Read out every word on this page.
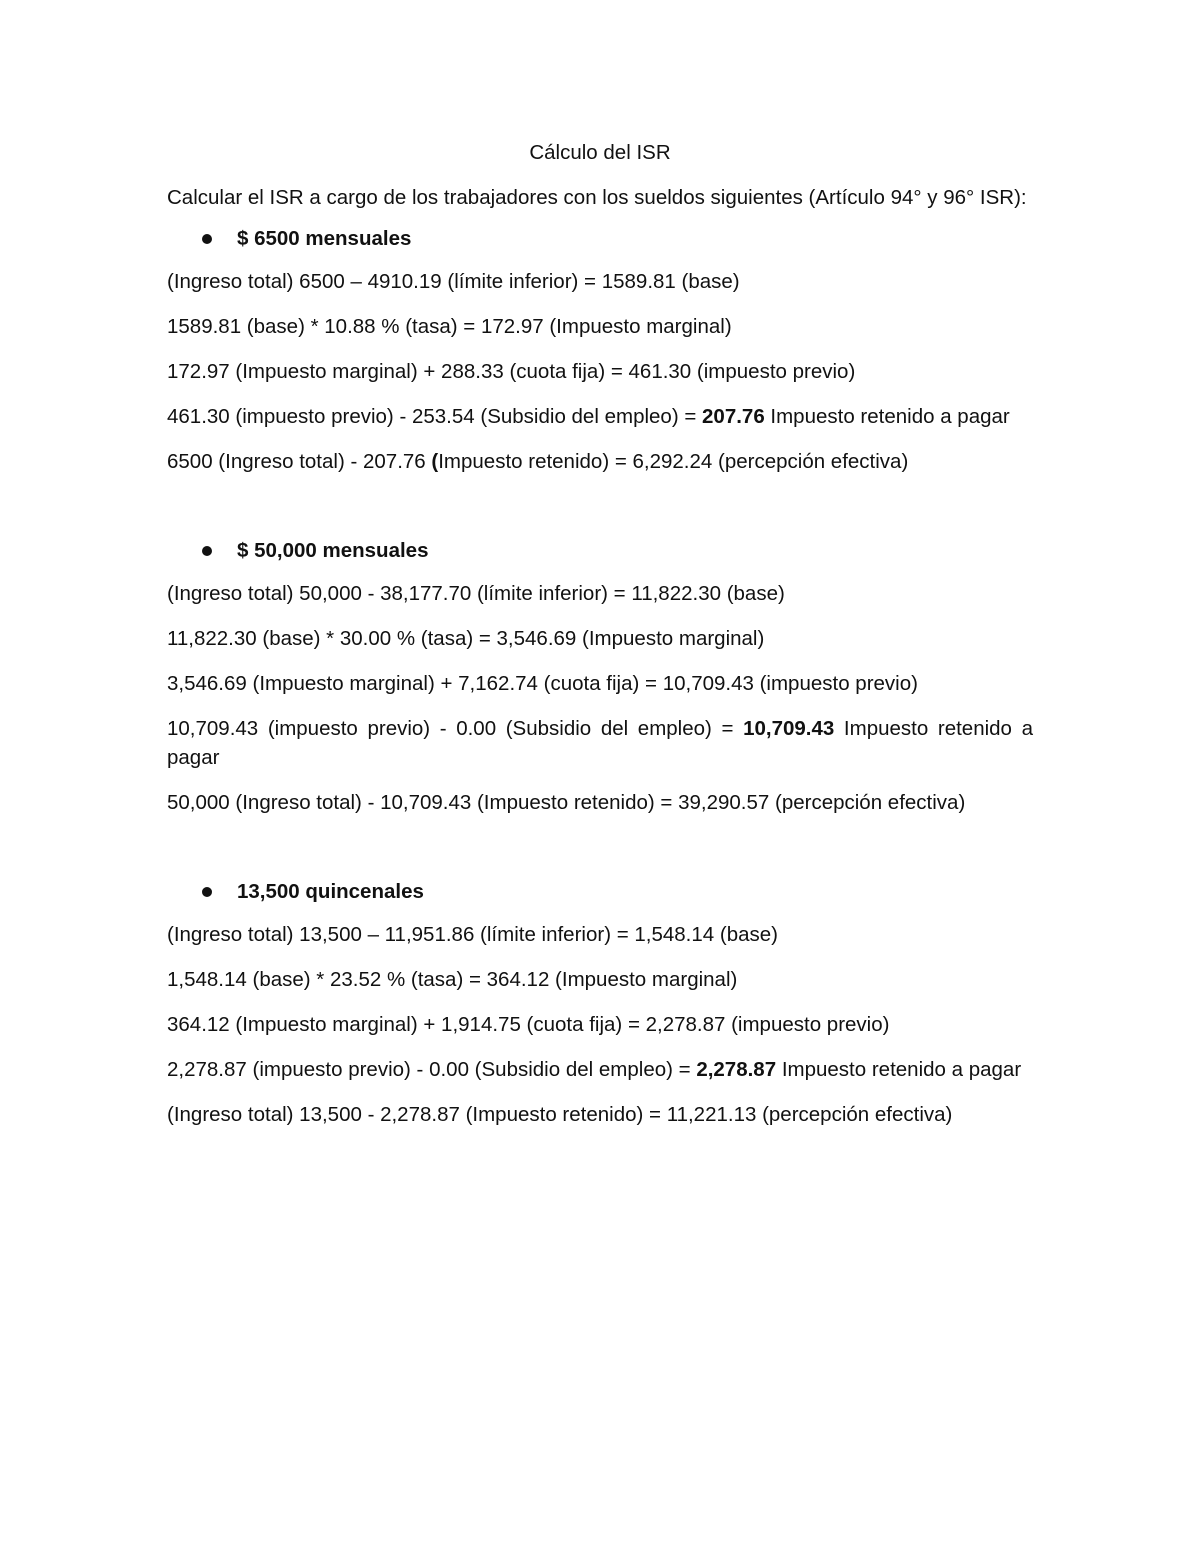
Cálculo del ISR
Calcular el ISR a cargo de los trabajadores con los sueldos siguientes (Artículo 94° y 96° ISR):
$ 6500 mensuales
(Ingreso total) 6500 – 4910.19 (límite inferior) = 1589.81 (base)
1589.81 (base) * 10.88 % (tasa) = 172.97 (Impuesto marginal)
172.97 (Impuesto marginal) + 288.33 (cuota fija) = 461.30 (impuesto previo)
461.30 (impuesto previo) - 253.54 (Subsidio del empleo) = 207.76 Impuesto retenido a pagar
6500 (Ingreso total) - 207.76 (Impuesto retenido) = 6,292.24 (percepción efectiva)
$ 50,000 mensuales
(Ingreso total) 50,000 - 38,177.70 (límite inferior) = 11,822.30 (base)
11,822.30 (base) * 30.00 % (tasa) = 3,546.69 (Impuesto marginal)
3,546.69 (Impuesto marginal) + 7,162.74 (cuota fija) = 10,709.43 (impuesto previo)
10,709.43 (impuesto previo) - 0.00 (Subsidio del empleo) = 10,709.43 Impuesto retenido a pagar
50,000 (Ingreso total) - 10,709.43 (Impuesto retenido) = 39,290.57 (percepción efectiva)
13,500 quincenales
(Ingreso total) 13,500 – 11,951.86 (límite inferior) = 1,548.14 (base)
1,548.14 (base) * 23.52 % (tasa) = 364.12 (Impuesto marginal)
364.12 (Impuesto marginal) + 1,914.75 (cuota fija) = 2,278.87 (impuesto previo)
2,278.87 (impuesto previo) - 0.00 (Subsidio del empleo) = 2,278.87 Impuesto retenido a pagar
(Ingreso total) 13,500 - 2,278.87 (Impuesto retenido) = 11,221.13 (percepción efectiva)
